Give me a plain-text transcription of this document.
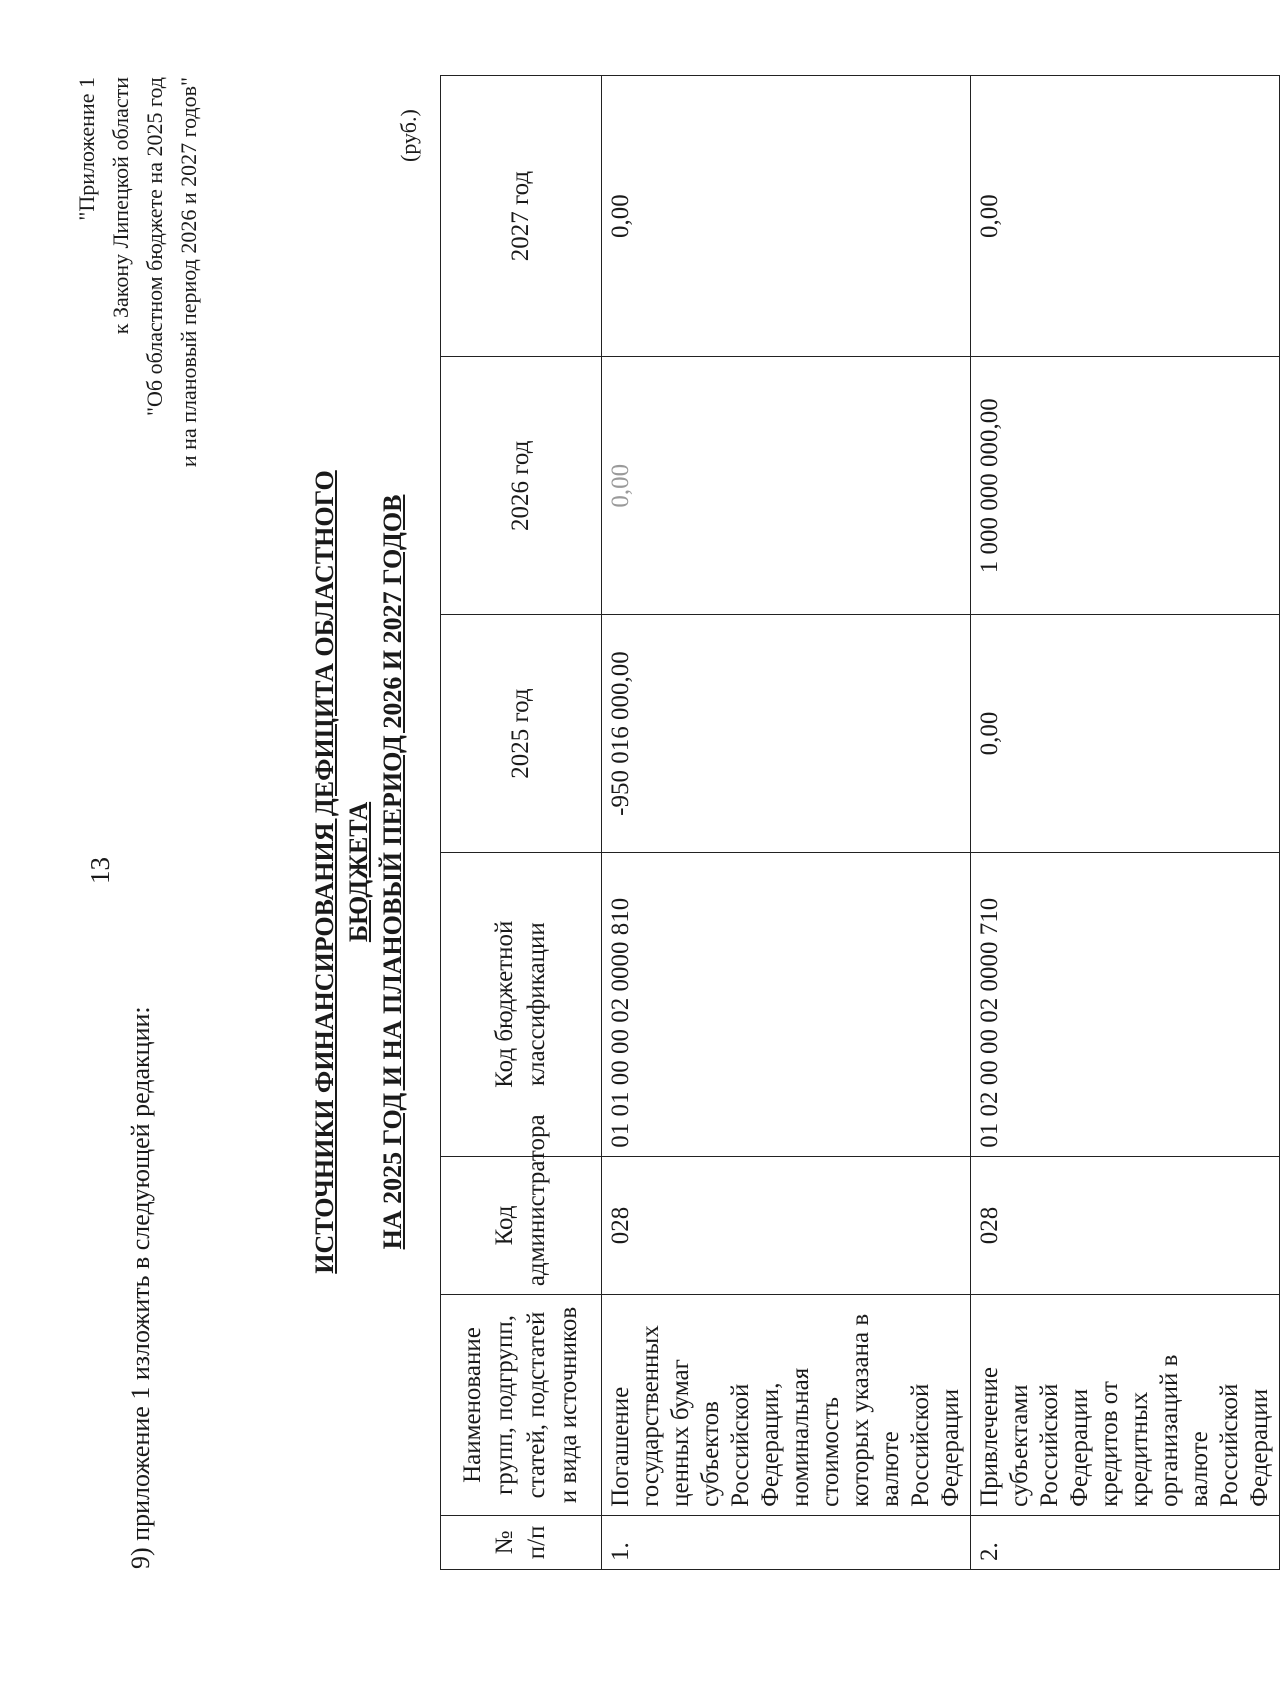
9) приложение 1 изложить в следующей редакции:
13
"Приложение 1 к Закону Липецкой области "Об областном бюджете на 2025 год и на плановый период 2026 и 2027 годов"
ИСТОЧНИКИ ФИНАНСИРОВАНИЯ ДЕФИЦИТА ОБЛАСТНОГО БЮДЖЕТА НА 2025 ГОД И НА ПЛАНОВЫЙ ПЕРИОД 2026 И 2027 ГОДОВ
(руб.)
№ п/п	Наименование групп, подгрупп, статей, подстатей и вида источников	Код администратора	Код бюджетной классификации	2025 год	2026 год	2027 год
1.	Погашение государственных ценных бумаг субъектов Российской Федерации, номинальная стоимость которых указана в валюте Российской Федерации	028	01 01 00 00 02 0000 810	-950 016 000,00	0,00	0,00
2.	Привлечение субъектами Российской Федерации кредитов от кредитных организаций в валюте Российской Федерации	028	01 02 00 00 02 0000 710	0,00	1 000 000 000,00	0,00
